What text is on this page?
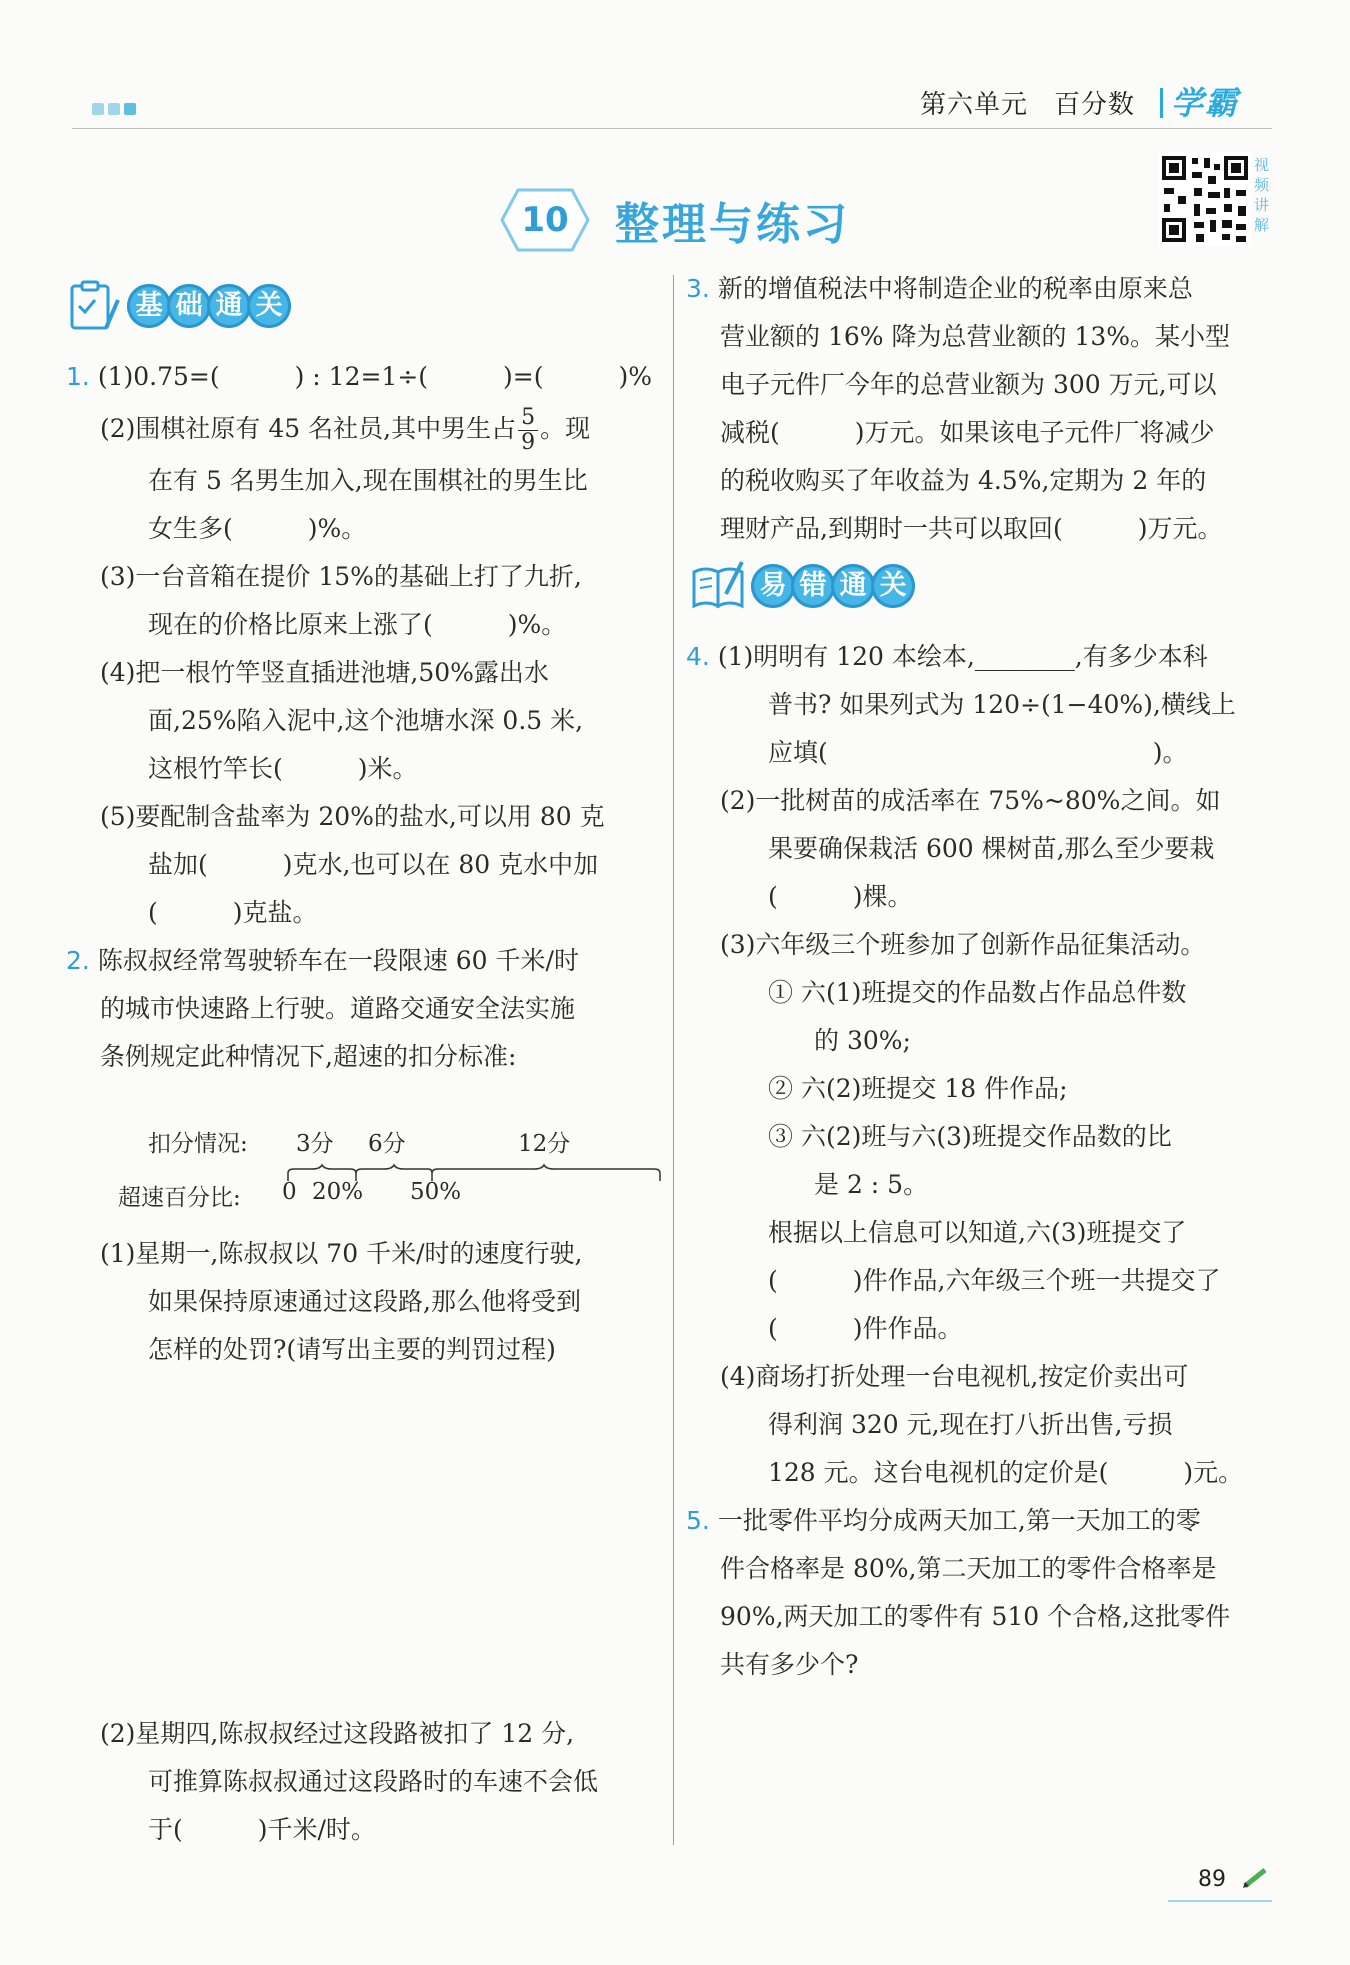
第六单元 百分数	学霸
10	整理与练习
视频讲解
基 础 通 关
易 错 通 关

1. (1)0.75=(　　　) : 12=1÷(　　　)=(　　　)%

(2)围棋社原有 45 名社员,其中男生占 $\frac{5}{9}$ 。现

在有 5 名男生加入,现在围棋社的男生比

女生多(　　　)%。

(3)一台音箱在提价 15%的基础上打了九折,

现在的价格比原来上涨了(　　　)%。

(4)把一根竹竿竖直插进池塘,50%露出水

面,25%陷入泥中,这个池塘水深 0.5 米,

这根竹竿长(　　　)米。

(5)要配制含盐率为 20%的盐水,可以用 80 克

盐加(　　　)克水,也可以在 80 克水中加

(　　　)克盐。

2. 陈叔叔经常驾驶轿车在一段限速 60 千米/时

的城市快速路上行驶。道路交通安全法实施

条例规定此种情况下,超速的扣分标准:

扣分情况: 3分 6分	12分
超速百分比: 0 20% 50%

(1)星期一,陈叔叔以 70 千米/时的速度行驶,

如果保持原速通过这段路,那么他将受到

怎样的处罚?(请写出主要的判罚过程)

(2)星期四,陈叔叔经过这段路被扣了 12 分,

可推算陈叔叔通过这段路时的车速不会低

于(　　　)千米/时。

3. 新的增值税法中将制造企业的税率由原来总

营业额的 16% 降为总营业额的 13%。某小型

电子元件厂今年的总营业额为 300 万元,可以

减税(　　　)万元。如果该电子元件厂将减少

的税收购买了年收益为 4.5%,定期为 2 年的

理财产品,到期时一共可以取回(　　　)万元。

4. (1)明明有 120 本绘本,________,有多少本科

普书? 如果列式为 120÷(1−40%),横线上

应填(　　　　　　　　　　　　　)。

(2)一批树苗的成活率在 75%~80%之间。如

果要确保栽活 600 棵树苗,那么至少要栽

(　　　)棵。

(3)六年级三个班参加了创新作品征集活动。

① 六(1)班提交的作品数占作品总件数

的 30%;

② 六(2)班提交 18 件作品;

③ 六(2)班与六(3)班提交作品数的比

是 2 : 5。

根据以上信息可以知道,六(3)班提交了

(　　　)件作品,六年级三个班一共提交了

(　　　)件作品。

(4)商场打折处理一台电视机,按定价卖出可

得利润 320 元,现在打八折出售,亏损

128 元。这台电视机的定价是(　　　)元。

5. 一批零件平均分成两天加工,第一天加工的零

件合格率是 80%,第二天加工的零件合格率是

90%,两天加工的零件有 510 个合格,这批零件

共有多少个?

89
